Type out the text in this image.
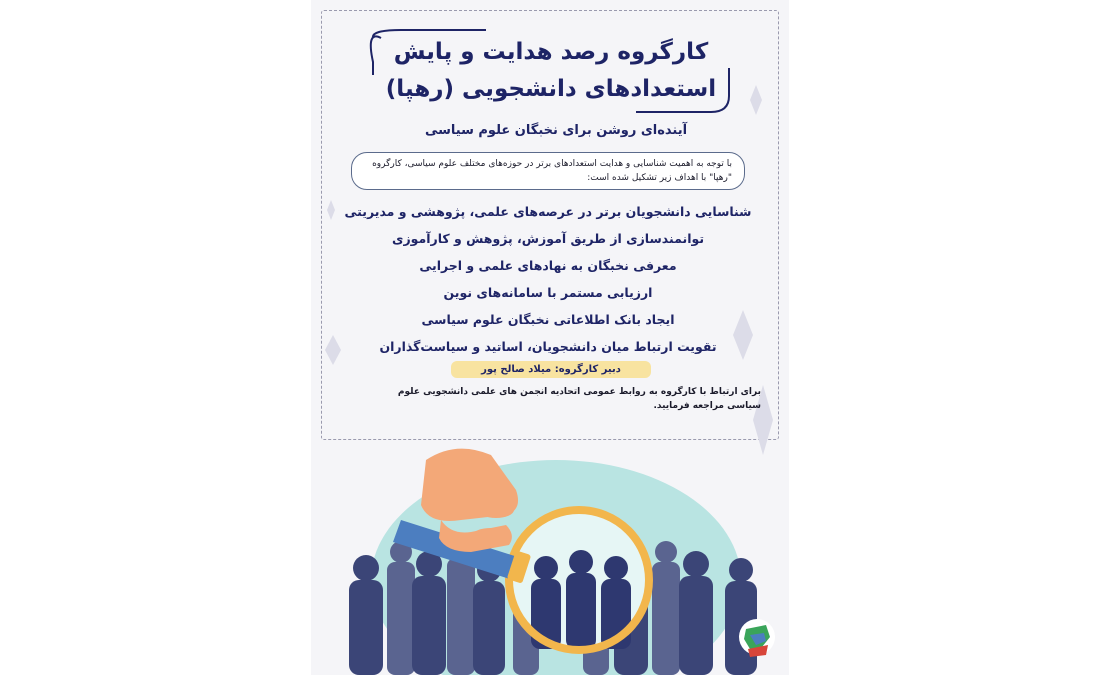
کارگروه رصد هدایت و پایش
استعدادهای دانشجویی (رهپا)
آینده‌ای روشن برای نخبگان علوم سیاسی
با توجه به اهمیت شناسایی و هدایت استعدادهای برتر در حوزه‌های مختلف علوم سیاسی، کارگروه "رهپا" با اهداف زیر تشکیل شده است:
شناسایی دانشجویان برتر در عرصه‌های علمی، پژوهشی و مدیریتی
توانمندسازی از طریق آموزش، پژوهش و کارآموزی
معرفی نخبگان به نهادهای علمی و اجرایی
ارزیابی مستمر با سامانه‌های نوین
ایجاد بانک اطلاعاتی نخبگان علوم سیاسی
تقویت ارتباط میان دانشجویان، اساتید و سیاست‌گذاران
دبیر کارگروه: میلاد صالح پور
برای ارتباط با کارگروه به روابط عمومی اتحادیه انجمن های علمی دانشجویی علوم سیاسی مراجعه فرمایید.
